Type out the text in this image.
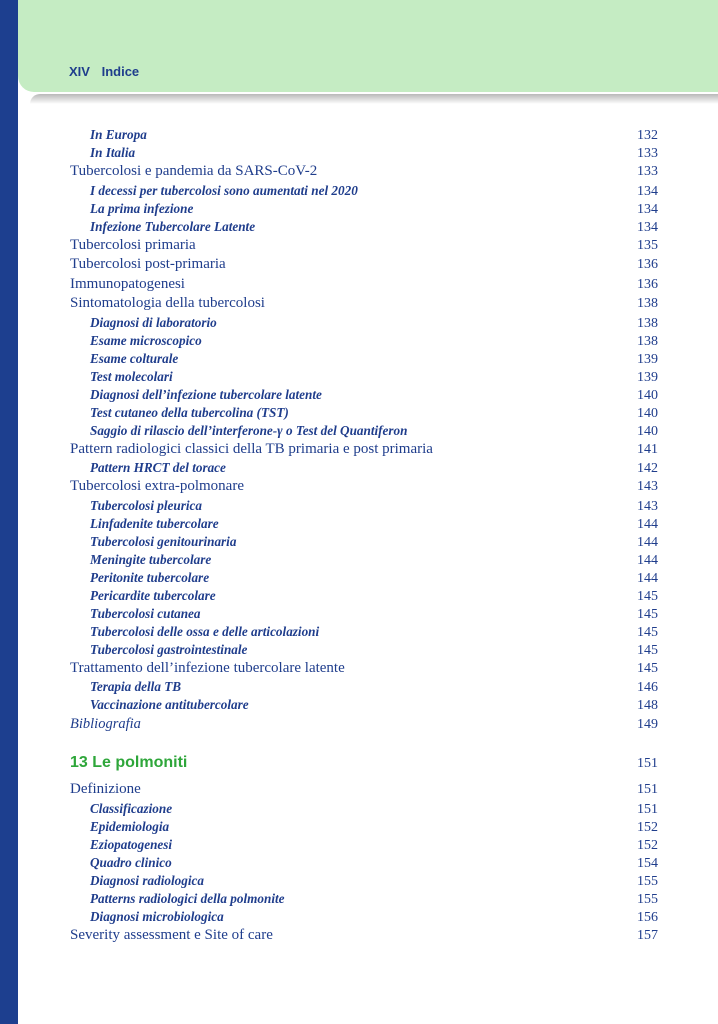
XIV Indice
In Europa	132
In Italia	133
Tubercolosi e pandemia da SARS-CoV-2	133
I decessi per tubercolosi sono aumentati nel 2020	134
La prima infezione	134
Infezione Tubercolare Latente	134
Tubercolosi primaria	135
Tubercolosi post-primaria	136
Immunopatogenesi	136
Sintomatologia della tubercolosi	138
Diagnosi di laboratorio	138
Esame microscopico	138
Esame colturale	139
Test molecolari	139
Diagnosi dell’infezione tubercolare latente	140
Test cutaneo della tubercolina (TST)	140
Saggio di rilascio dell’interferone-γ o Test del Quantiferon	140
Pattern radiologici classici della TB primaria e post primaria	141
Pattern HRCT del torace	142
Tubercolosi extra-polmonare	143
Tubercolosi pleurica	143
Linfadenite tubercolare	144
Tubercolosi genitourinaria	144
Meningite tubercolare	144
Peritonite tubercolare	144
Pericardite tubercolare	145
Tubercolosi cutanea	145
Tubercolosi delle ossa e delle articolazioni	145
Tubercolosi gastrointestinale	145
Trattamento dell’infezione tubercolare latente	145
Terapia della TB	146
Vaccinazione antitubercolare	148
Bibliografia	149
13 Le polmoniti	151
Definizione	151
Classificazione	151
Epidemiologia	152
Eziopatogenesi	152
Quadro clinico	154
Diagnosi radiologica	155
Patterns radiologici della polmonite	155
Diagnosi microbiologica	156
Severity assessment e Site of care	157
